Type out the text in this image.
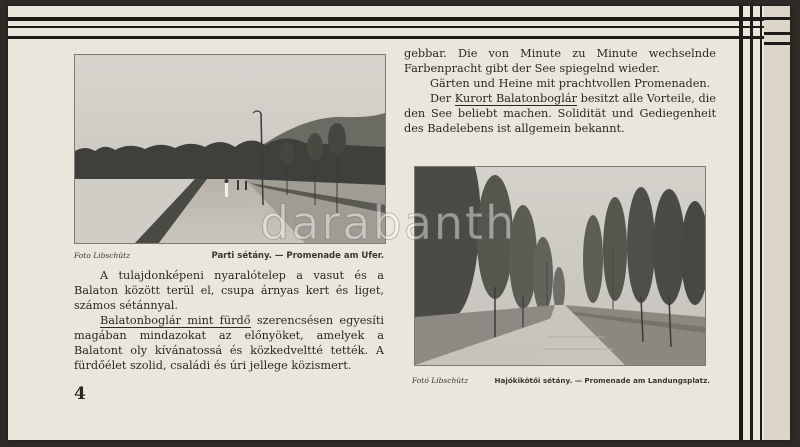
Foto Libschütz	Parti sétány. — Promenade am Ufer.

A tulajdonképeni nyaralótelep a vasut és a Balaton között terül el, csupa árnyas kert és liget, számos sétánnyal.

Balatonboglár mint fürdő szerencsésen egyesíti magában mindazokat az előnyöket, amelyek a Balatont oly kívánatossá és közkedveltté tették. A fürdőélet szolid, családi és úri jellege közismert.

4

gebbar. Die von Minute zu Minute wechselnde Farbenpracht gibt der See spiegelnd wieder.

Gärten und Heine mit prachtvollen Promenaden.

Der Kurort Balatonboglár besitzt alle Vorteile, die den See beliebt machen. Solidität und Gediegenheit des Badelebens ist allgemein bekannt.

Fotó Libschütz	Hajókikötői sétány. — Promenade am Landungsplatz.
darabanth
